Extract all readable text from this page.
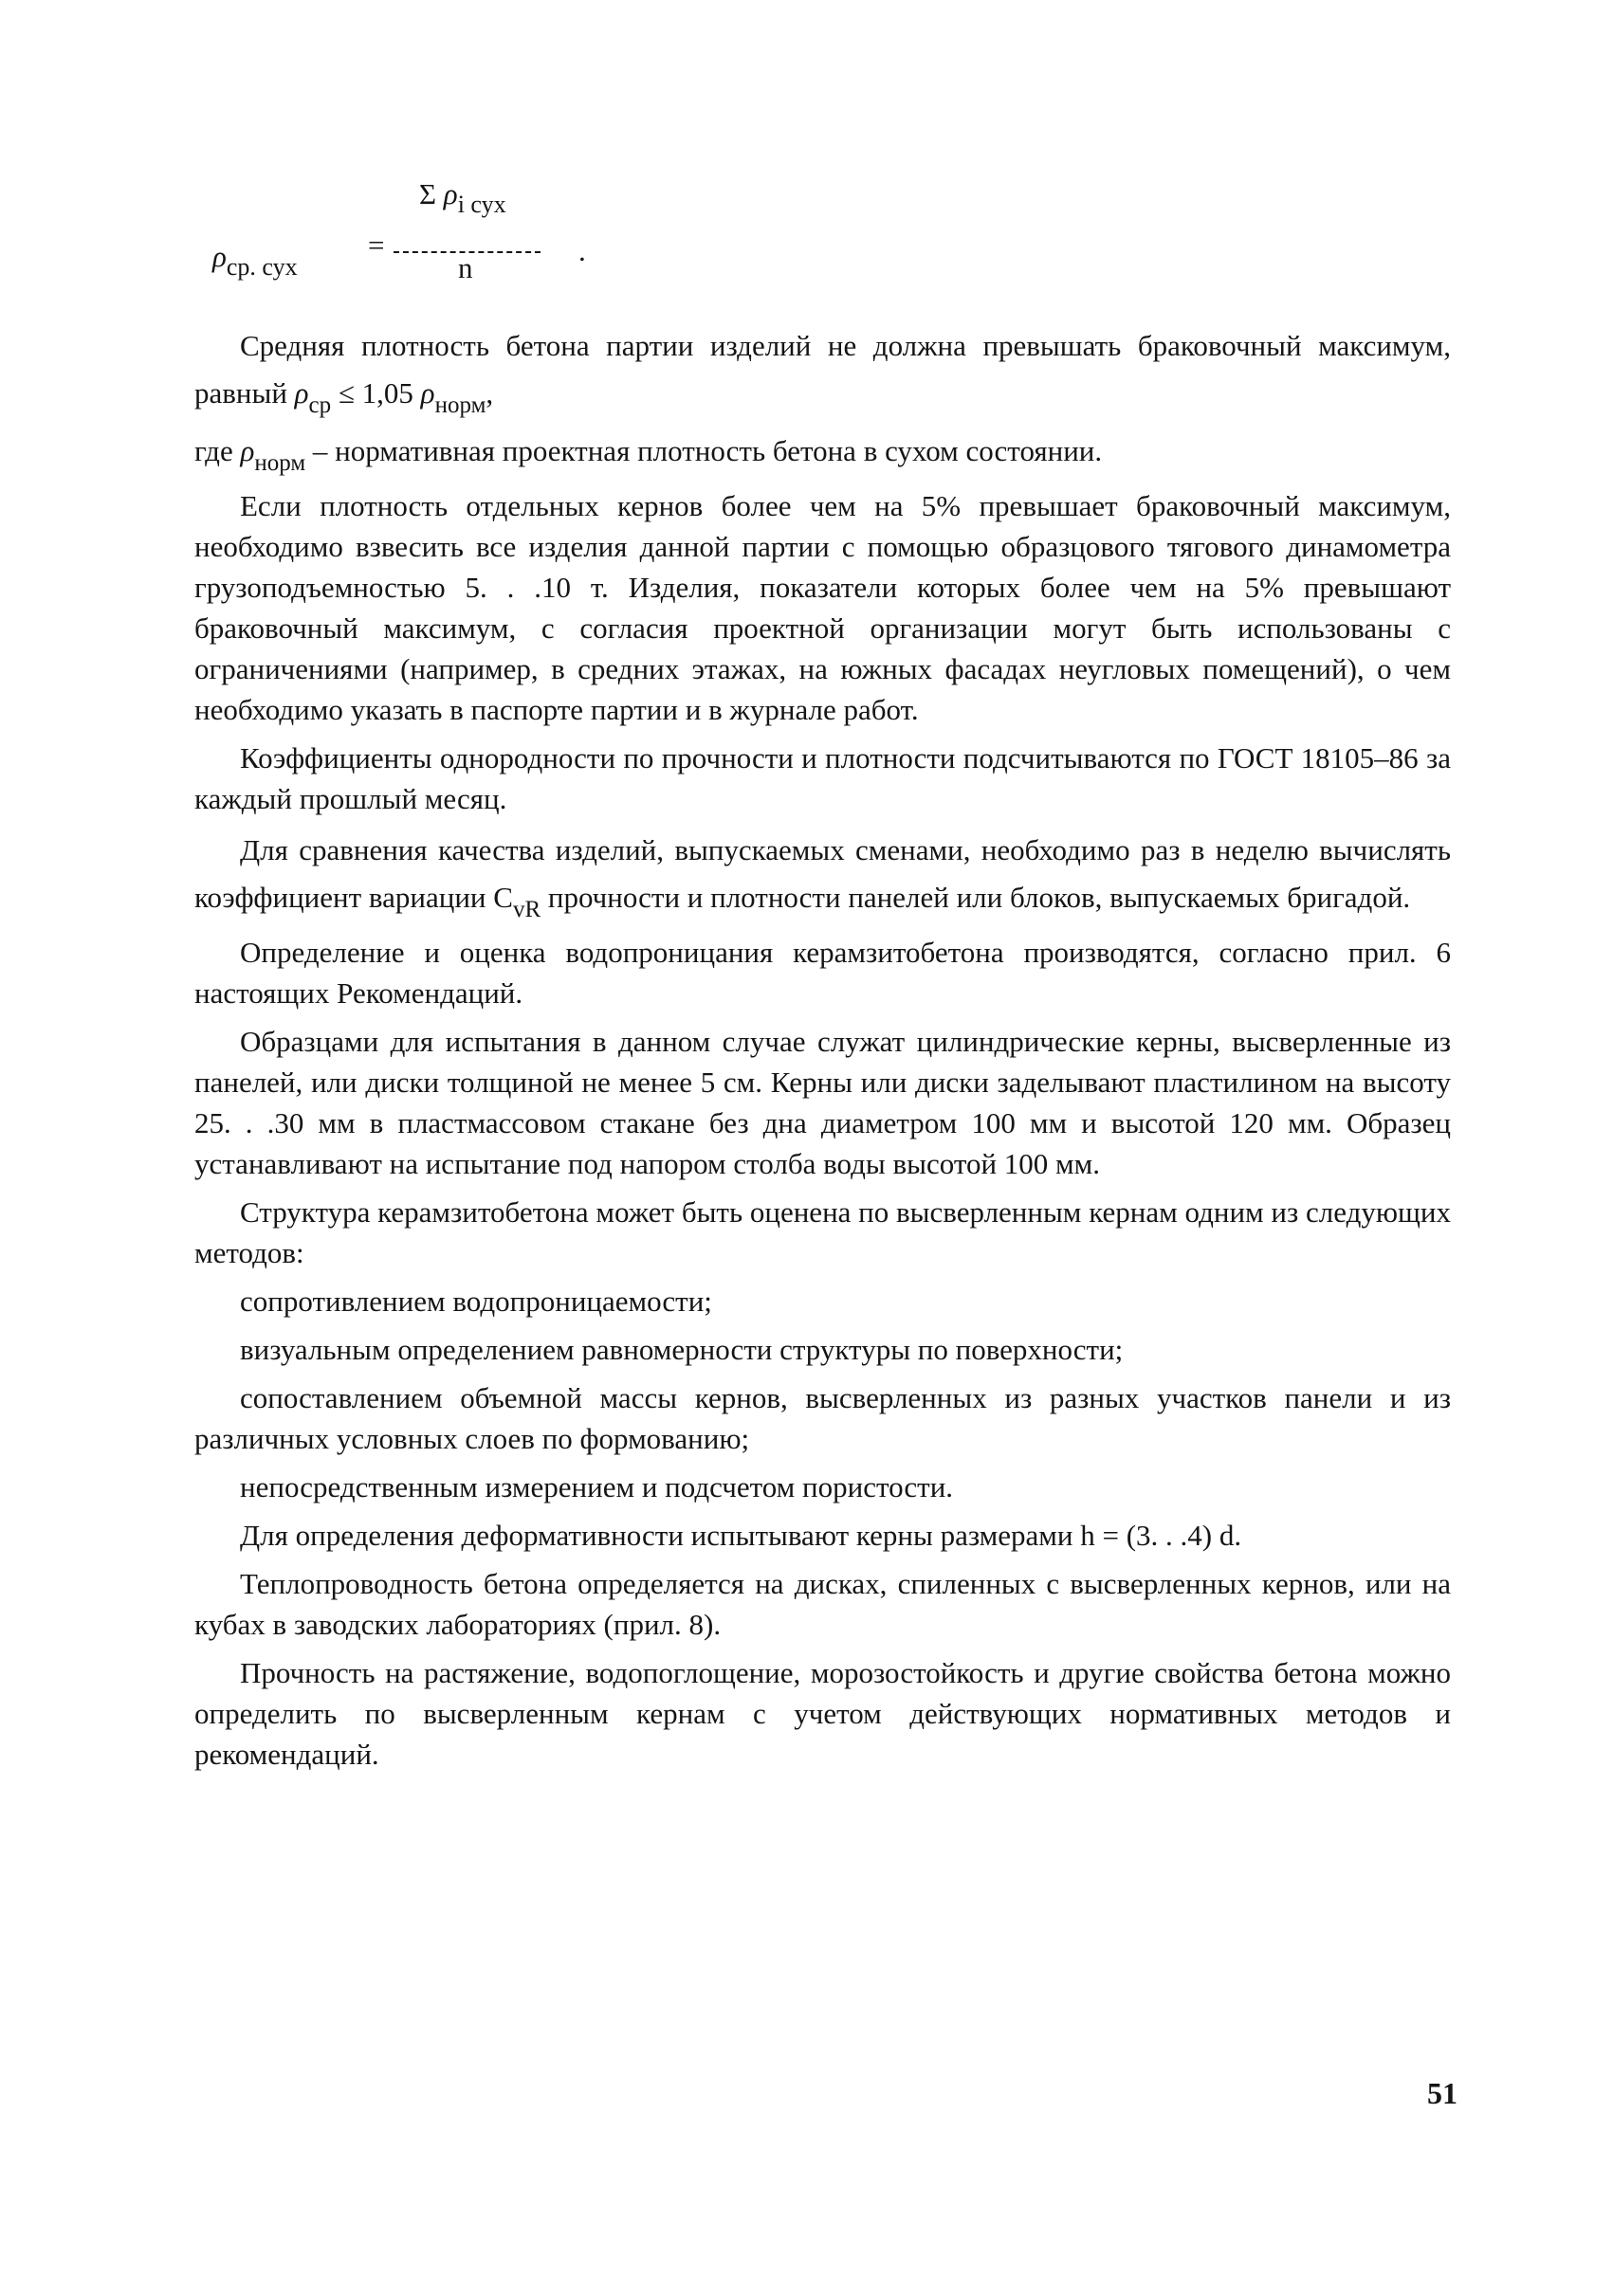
Σ $\rho_{i сух}$
$\rho_{ср. сух}$
=
n
.

Средняя плотность бетона партии изделий не должна превышать браковочный максимум, равный $\rho_{ср} \le 1,05$ $\rho_{норм}$,

где $\rho_{норм}$ – нормативная проектная плотность бетона в сухом состоянии.

Если плотность отдельных кернов более чем на 5% превышает браковочный максимум, необходимо взвесить все изделия данной партии с помощью образцового тягового динамометра грузоподъемностью 5. . .10 т. Изделия, показатели которых более чем на 5% превышают браковочный максимум, с согласия проектной организации могут быть использованы с ограничениями (например, в средних этажах, на южных фасадах неугловых помещений), о чем необходимо указать в паспорте партии и в журнале работ.

Коэффициенты однородности по прочности и плотности подсчитываются по ГОСТ 18105–86 за каждый прошлый месяц.

Для сравнения качества изделий, выпускаемых сменами, необходимо раз в неделю вычислять коэффициент вариации $C_{vR}$ прочности и плотности панелей или блоков, выпускаемых бригадой.

Определение и оценка водопроницания керамзитобетона производятся, согласно прил. 6 настоящих Рекомендаций.

Образцами для испытания в данном случае служат цилиндрические керны, высверленные из панелей, или диски толщиной не менее 5 см. Керны или диски заделывают пластилином на высоту 25. . .30 мм в пластмассовом стакане без дна диаметром 100 мм и высотой 120 мм. Образец устанавливают на испытание под напором столба воды высотой 100 мм.

Структура керамзитобетона может быть оценена по высверленным кернам одним из следующих методов:

сопротивлением водопроницаемости;

визуальным определением равномерности структуры по поверхности;

сопоставлением объемной массы кернов, высверленных из разных участков панели и из различных условных слоев по формованию;

непосредственным измерением и подсчетом пористости.

Для определения деформативности испытывают керны размерами h = (3. . .4) d.

Теплопроводность бетона определяется на дисках, спиленных с высверленных кернов, или на кубах в заводских лабораториях (прил. 8).

Прочность на растяжение, водопоглощение, морозостойкость и другие свойства бетона можно определить по высверленным кернам с учетом действующих нормативных методов и рекомендаций.

51
